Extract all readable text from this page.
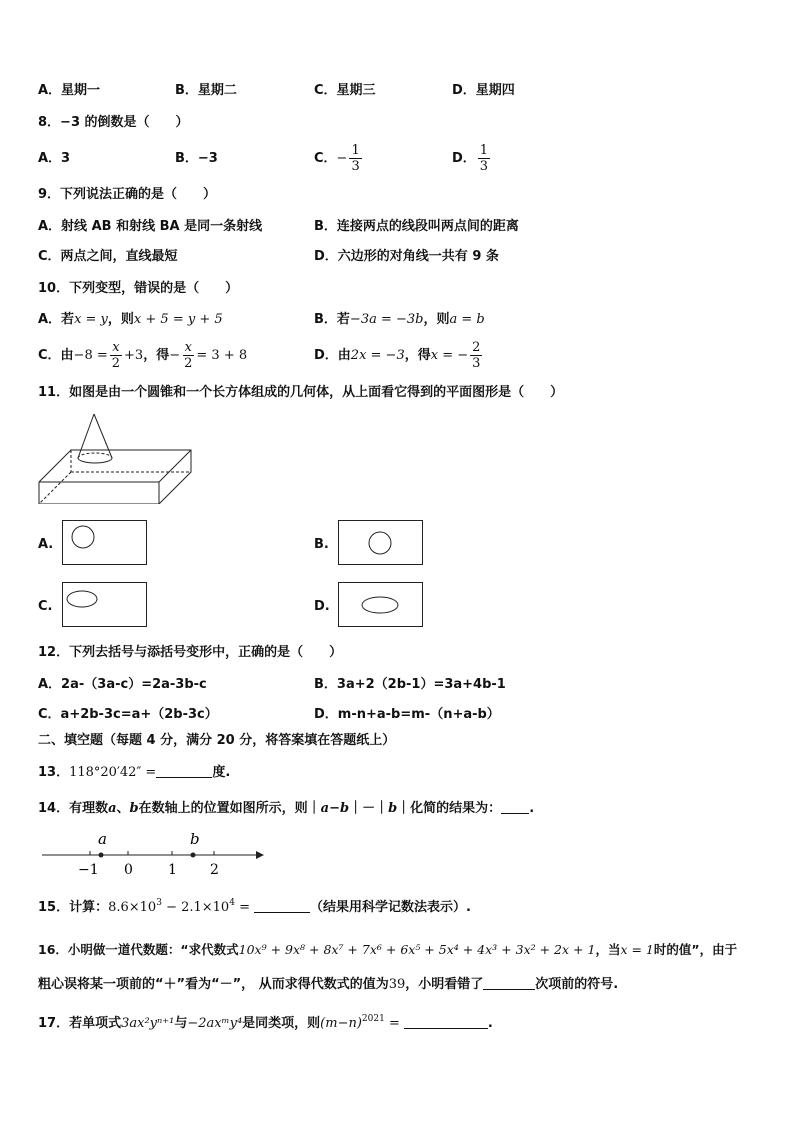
A．星期一	B．星期二	C．星期三	D．星期四
8．−3 的倒数是（　　）
A．3	B．−3	C．− $\frac{1}{3}$	D． $\frac{1}{3}$
9．下列说法正确的是（　　）
A．射线 AB 和射线 BA 是同一条射线	B．连接两点的线段叫两点间的距离
C．两点之间，直线最短	D．六边形的对角线一共有 9 条
10．下列变型，错误的是（　　）
A．若x = y，则x + 5 = y + 5	B．若−3a = −3b，则a = b
C．由$-8 = \frac{x}{2} +3$，得− $\frac{x}{2} = 3 + 8$	D．由2x = −3，得x = − $\frac{2}{3}$
11．如图是由一个圆锥和一个长方体组成的几何体，从上面看它得到的平面图形是（　　）
A.	B.
C.	D.
12．下列去括号与添括号变形中，正确的是（　　）
A．2a-（3a-c）=2a-3b-c	B．3a+2（2b-1）=3a+4b-1
C．a+2b-3c=a+（2b-3c）	D．m-n+a-b=m-（n+a-b）
二、填空题（每题 4 分，满分 20 分，将答案填在答题纸上）
13．118°20′42″ =	度.
14．有理数a、b在数轴上的位置如图所示，则｜a−b｜－｜b｜化简的结果为： .
a	b
−1 0	1 2
15．计算：$8.6\times 10^3 - 2.1\times 10^4$ =	（结果用科学记数法表示）.
16．小明做一道代数题：“求代数式10x⁹ + 9x⁸ + 8x⁷ + 7x⁶ + 6x⁵ + 5x⁴ + 4x³ + 3x² + 2x + 1，当x = 1时的值”，由于
粗心误将某一项前的“＋”看为“－”， 从而求得代数式的值为39，小明看错了	次项前的符号.
17．若单项式3ax²yⁿ⁺¹与−2axᵐy⁴是同类项，则$(m-n)^{2021}$ =	.
